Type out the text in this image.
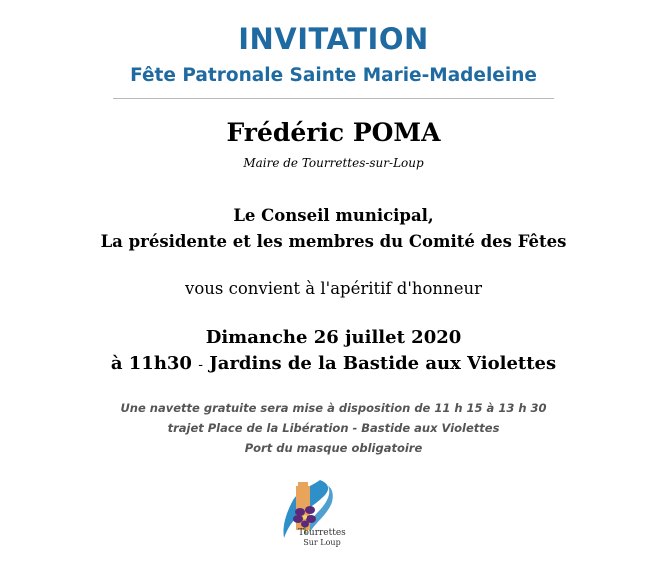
INVITATION
Fête Patronale Sainte Marie-Madeleine
Frédéric POMA
Maire de Tourrettes-sur-Loup
Le Conseil municipal,
La présidente et les membres du Comité des Fêtes
vous convient à l'apéritif d'honneur
Dimanche 26 juillet 2020
à 11h30 - Jardins de la Bastide aux Violettes
Une navette gratuite sera mise à disposition de 11 h 15 à 13 h 30
trajet Place de la Libération - Bastide aux Violettes
Port du masque obligatoire
Tourrettes
Sur Loup
